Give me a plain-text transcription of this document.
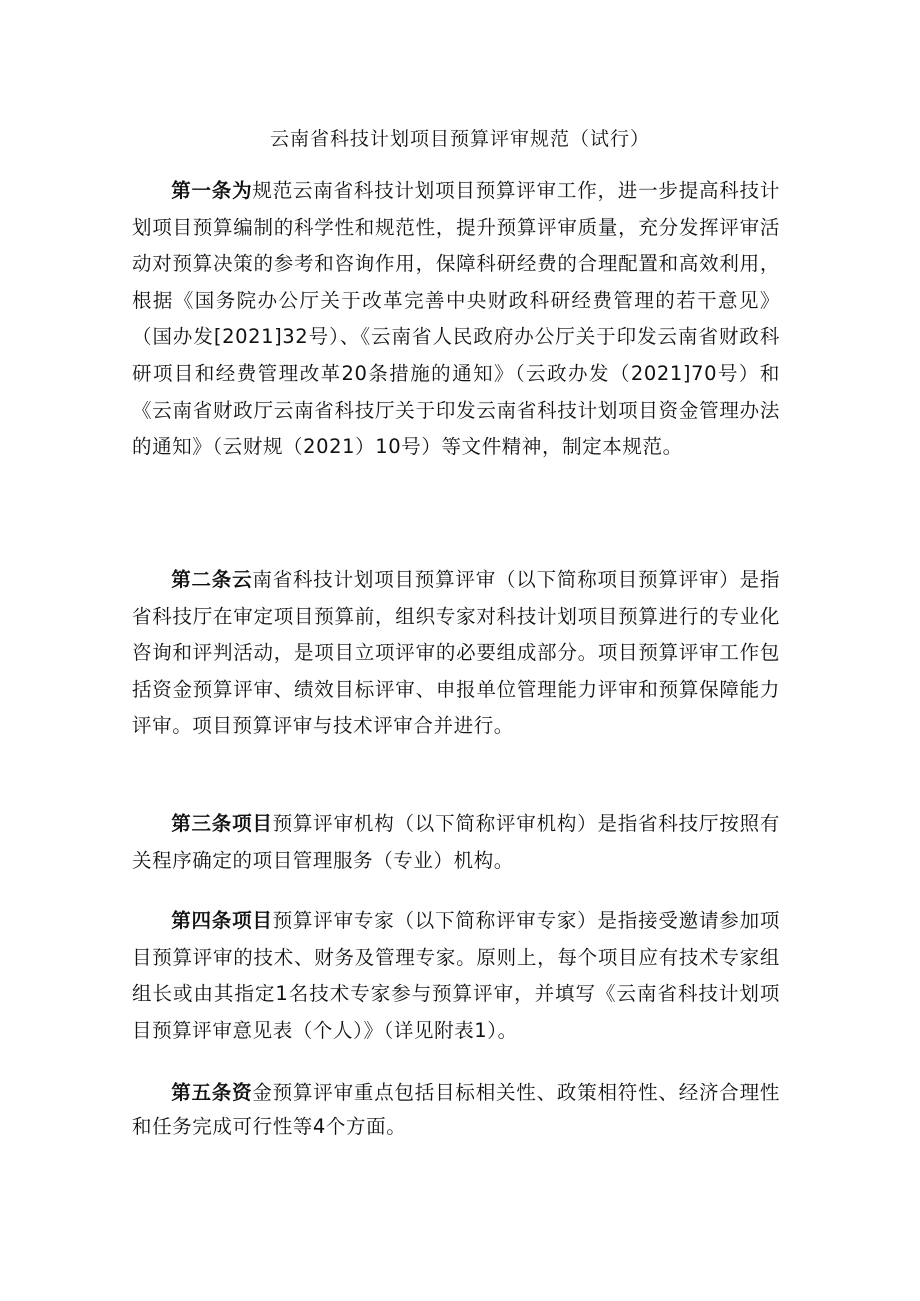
云南省科技计划项目预算评审规范（试行）

第一条为规范云南省科技计划项目预算评审工作，进一步提高科技计划项目预算编制的科学性和规范性，提升预算评审质量，充分发挥评审活动对预算决策的参考和咨询作用，保障科研经费的合理配置和高效利用，根据《国务院办公厅关于改革完善中央财政科研经费管理的若干意见》（国办发[2021]32号）、《云南省人民政府办公厅关于印发云南省财政科研项目和经费管理改革20条措施的通知》（云政办发（2021]70号）和《云南省财政厅云南省科技厅关于印发云南省科技计划项目资金管理办法的通知》（云财规（2021）10号）等文件精神，制定本规范。

第二条云南省科技计划项目预算评审（以下简称项目预算评审）是指省科技厅在审定项目预算前，组织专家对科技计划项目预算进行的专业化咨询和评判活动，是项目立项评审的必要组成部分。项目预算评审工作包括资金预算评审、绩效目标评审、申报单位管理能力评审和预算保障能力评审。项目预算评审与技术评审合并进行。

第三条项目预算评审机构（以下简称评审机构）是指省科技厅按照有关程序确定的项目管理服务（专业）机构。

第四条项目预算评审专家（以下简称评审专家）是指接受邀请参加项目预算评审的技术、财务及管理专家。原则上，每个项目应有技术专家组组长或由其指定1名技术专家参与预算评审，并填写《云南省科技计划项目预算评审意见表（个人）》（详见附表1）。

第五条资金预算评审重点包括目标相关性、政策相符性、经济合理性和任务完成可行性等4个方面。
